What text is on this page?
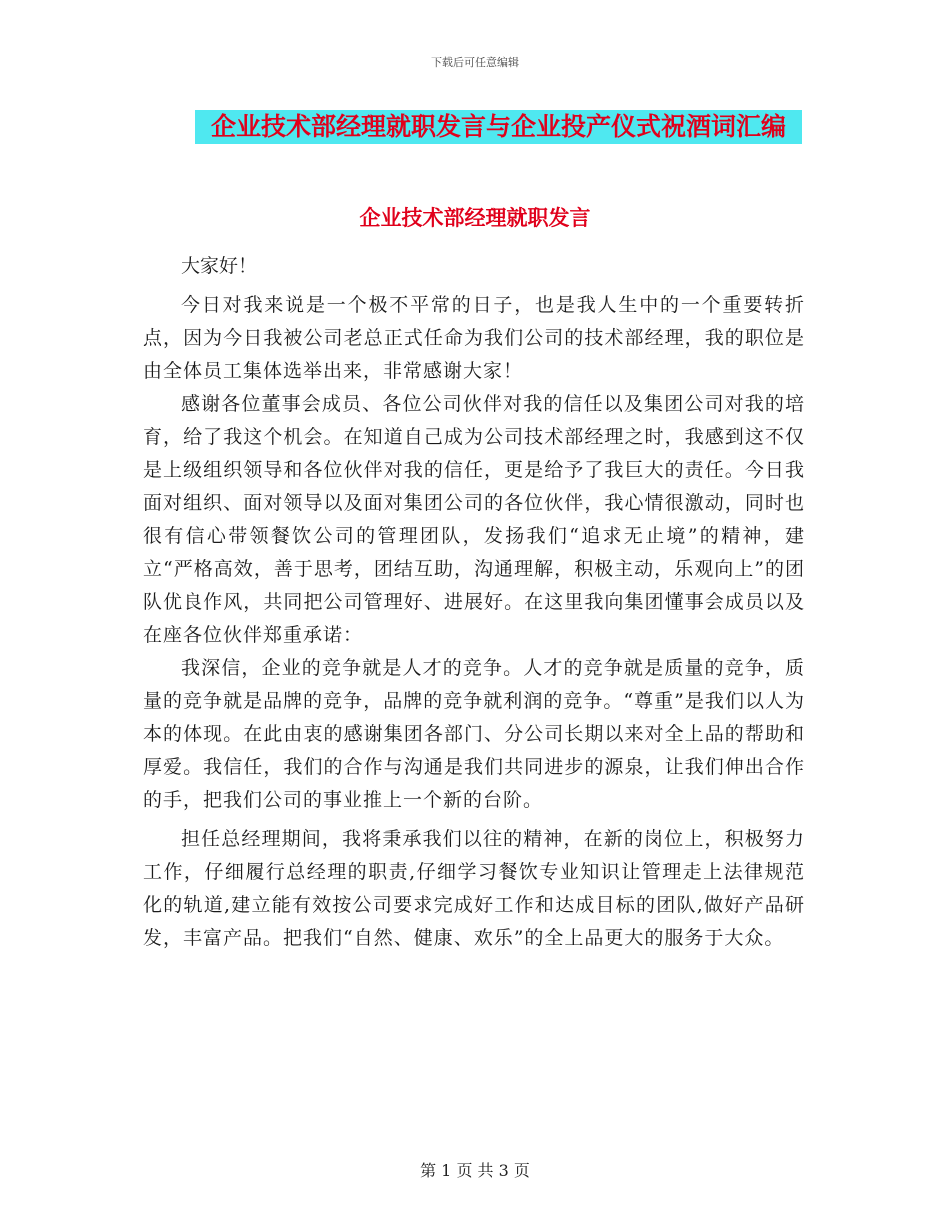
下载后可任意编辑
企业技术部经理就职发言与企业投产仪式祝酒词汇编
企业技术部经理就职发言

大家好！

今日对我来说是一个极不平常的日子，也是我人生中的一个重要转折点，因为今日我被公司老总正式任命为我们公司的技术部经理，我的职位是由全体员工集体选举出来，非常感谢大家！

感谢各位董事会成员、各位公司伙伴对我的信任以及集团公司对我的培育，给了我这个机会。在知道自己成为公司技术部经理之时，我感到这不仅是上级组织领导和各位伙伴对我的信任，更是给予了我巨大的责任。今日我面对组织、面对领导以及面对集团公司的各位伙伴，我心情很激动，同时也很有信心带领餐饮公司的管理团队，发扬我们“追求无止境”的精神，建立“严格高效，善于思考，团结互助，沟通理解，积极主动，乐观向上”的团队优良作风，共同把公司管理好、进展好。在这里我向集团懂事会成员以及在座各位伙伴郑重承诺：

我深信，企业的竞争就是人才的竞争。人才的竞争就是质量的竞争，质量的竞争就是品牌的竞争，品牌的竞争就利润的竞争。“尊重”是我们以人为本的体现。在此由衷的感谢集团各部门、分公司长期以来对全上品的帮助和厚爱。我信任，我们的合作与沟通是我们共同进步的源泉，让我们伸出合作的手，把我们公司的事业推上一个新的台阶。

担任总经理期间，我将秉承我们以往的精神，在新的岗位上，积极努力工作，仔细履行总经理的职责,仔细学习餐饮专业知识让管理走上法律规范化的轨道,建立能有效按公司要求完成好工作和达成目标的团队,做好产品研发，丰富产品。把我们“自然、健康、欢乐”的全上品更大的服务于大众。

第 1 页 共 3 页
